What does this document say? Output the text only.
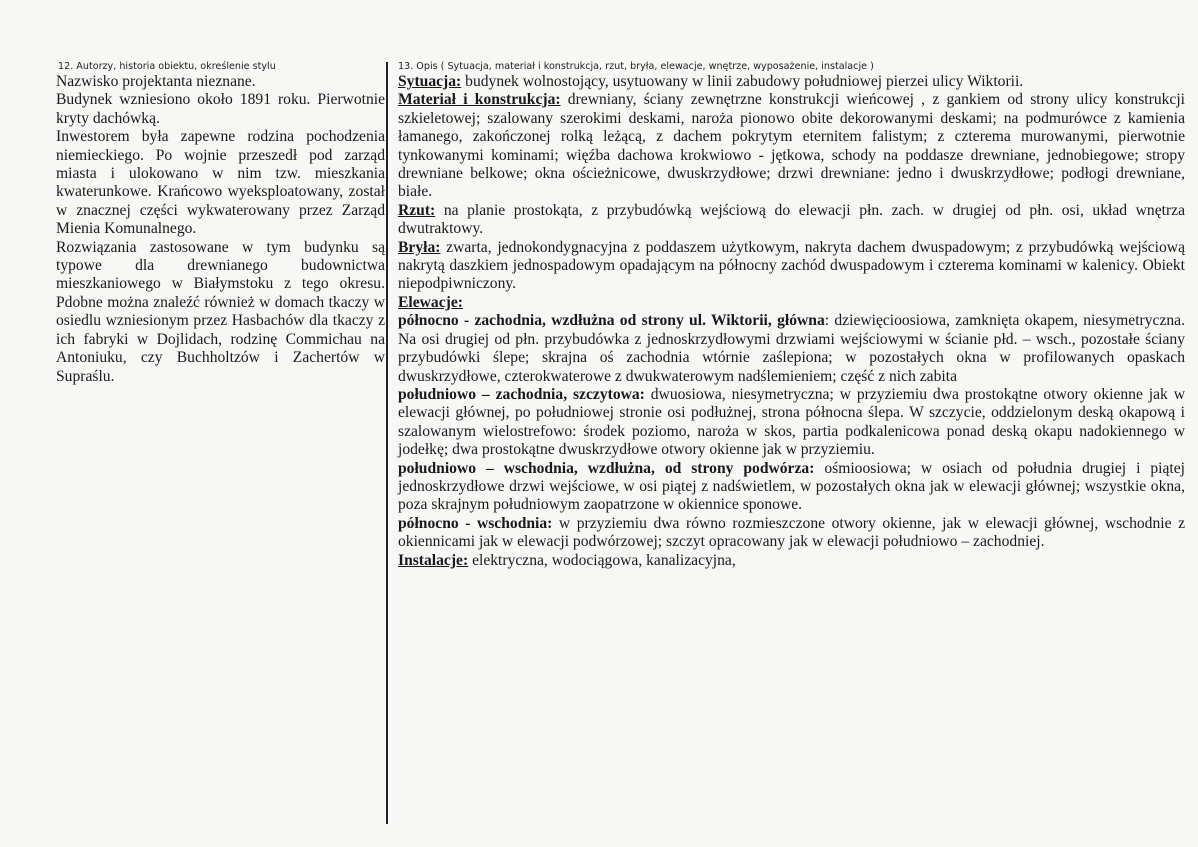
12. Autorzy, historia obiektu, określenie stylu	13. Opis ( Sytuacja, materiał i konstrukcja, rzut, bryła, elewacje, wnętrze, wyposażenie, instalacje )

Nazwisko projektanta nieznane.

Budynek wzniesiono około 1891 roku. Pierwotnie kryty dachówką.

Inwestorem była zapewne rodzina pochodzenia niemieckiego. Po wojnie przeszedł pod zarząd miasta i ulokowano w nim tzw. mieszkania kwaterunkowe. Krańcowo wyeksploatowany, został w znacznej części wykwaterowany przez Zarząd Mienia Komunalnego.

Rozwiązania zastosowane w tym budynku są typowe dla drewnianego budownictwa mieszkaniowego w Białymstoku z tego okresu. Pdobne można znaleźć również w domach tkaczy w osiedlu wzniesionym przez Hasbachów dla tkaczy z ich fabryki w Dojlidach, rodzinę Commichau na Antoniuku, czy Buchholtzów i Zachertów w Supraślu.

Sytuacja: budynek wolnostojący, usytuowany w linii zabudowy południowej pierzei ulicy Wiktorii.

Materiał i konstrukcja: drewniany, ściany zewnętrzne konstrukcji wieńcowej , z gankiem od strony ulicy konstrukcji szkieletowej; szalowany szerokimi deskami, naroża pionowo obite dekorowanymi deskami; na podmurówce z kamienia łamanego, zakończonej rolką leżącą, z dachem pokrytym eternitem falistym; z czterema murowanymi, pierwotnie tynkowanymi kominami; więźba dachowa krokwiowo - jętkowa, schody na poddasze drewniane, jednobiegowe; stropy drewniane belkowe; okna ościeżnicowe, dwuskrzydłowe; drzwi drewniane: jedno i dwuskrzydłowe; podłogi drewniane, białe.

Rzut: na planie prostokąta, z przybudówką wejściową do elewacji płn. zach. w drugiej od płn. osi, układ wnętrza dwutraktowy.

Bryła: zwarta, jednokondygnacyjna z poddaszem użytkowym, nakryta dachem dwuspadowym; z przybudówką wejściową nakrytą daszkiem jednospadowym opadającym na północny zachód dwuspadowym i czterema kominami w kalenicy. Obiekt niepodpiwniczony.

Elewacje:

północno - zachodnia, wzdłużna od strony ul. Wiktorii, główna: dziewięcioosiowa, zamknięta okapem, niesymetryczna. Na osi drugiej od płn. przybudówka z jednoskrzydłowymi drzwiami wejściowymi w ścianie płd. – wsch., pozostałe ściany przybudówki ślepe; skrajna oś zachodnia wtórnie zaślepiona; w pozostałych okna w profilowanych opaskach dwuskrzydłowe, czterokwaterowe z dwukwaterowym nadślemieniem; część z nich zabita

południowo – zachodnia, szczytowa: dwuosiowa, niesymetryczna; w przyziemiu dwa prostokątne otwory okienne jak w elewacji głównej, po południowej stronie osi podłużnej, strona północna ślepa. W szczycie, oddzielonym deską okapową i szalowanym wielostrefowo: środek poziomo, naroża w skos, partia podkalenicowa ponad deską okapu nadokiennego w jodełkę; dwa prostokątne dwuskrzydłowe otwory okienne jak w przyziemiu.

południowo – wschodnia, wzdłużna, od strony podwórza: ośmioosiowa; w osiach od południa drugiej i piątej jednoskrzydłowe drzwi wejściowe, w osi piątej z nadświetlem, w pozostałych okna jak w elewacji głównej; wszystkie okna, poza skrajnym południowym zaopatrzone w okiennice sponowe.

północno - wschodnia: w przyziemiu dwa równo rozmieszczone otwory okienne, jak w elewacji głównej, wschodnie z okiennicami jak w elewacji podwórzowej; szczyt opracowany jak w elewacji południowo – zachodniej.

Instalacje: elektryczna, wodociągowa, kanalizacyjna,
